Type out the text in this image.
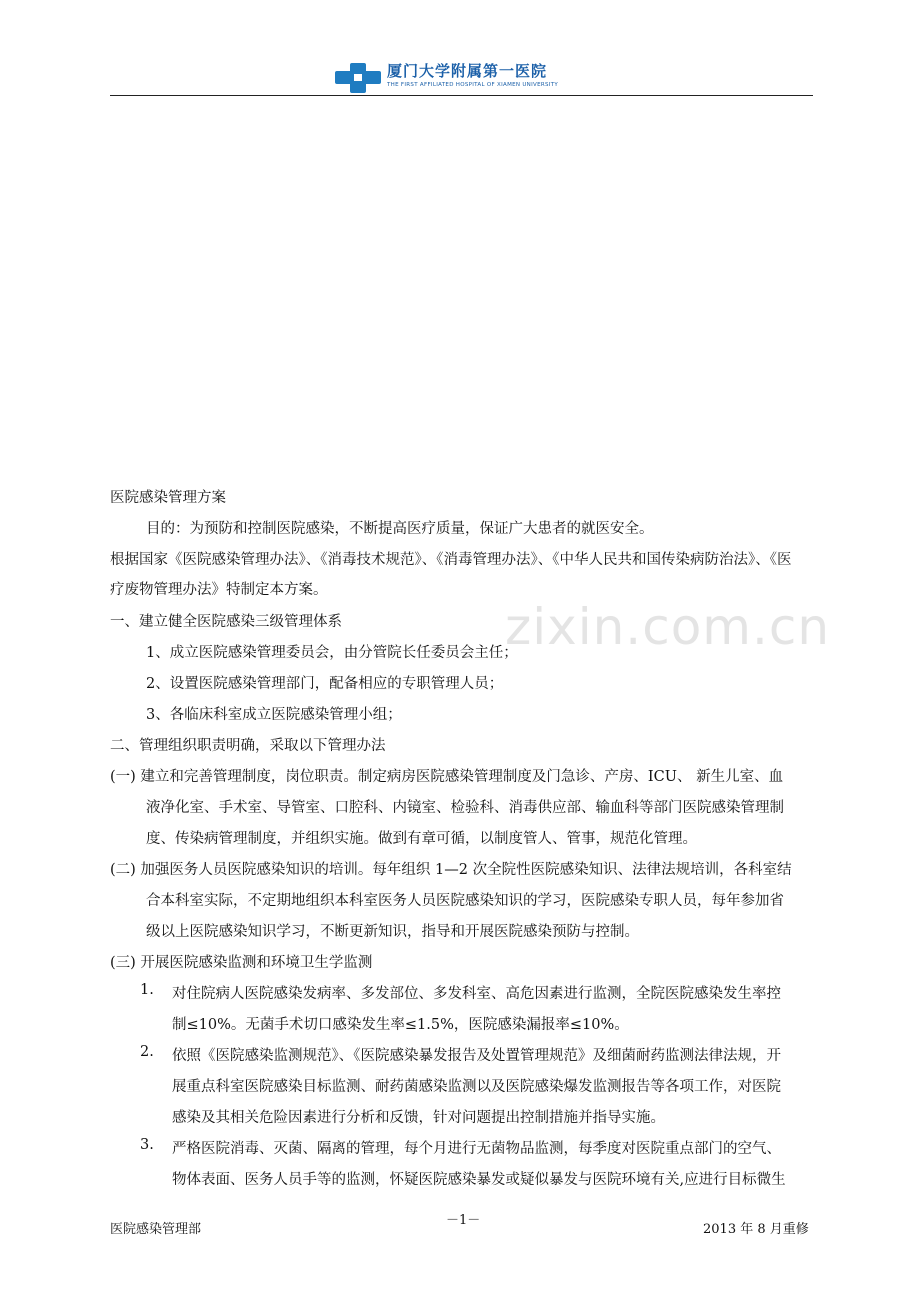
厦门大学附属第一医院
THE FIRST AFFILIATED HOSPITAL OF XIAMEN UNIVERSITY
zixin.com.cn
医院感染管理方案
目的：为预防和控制医院感染，不断提高医疗质量，保证广大患者的就医安全。
根据国家《医院感染管理办法》、《消毒技术规范》、《消毒管理办法》、《中华人民共和国传染病防治法》、《医
疗废物管理办法》特制定本方案。
一、建立健全医院感染三级管理体系
1、成立医院感染管理委员会，由分管院长任委员会主任；
2、设置医院感染管理部门，配备相应的专职管理人员；
3、各临床科室成立医院感染管理小组；
二、管理组织职责明确，采取以下管理办法
(一) 建立和完善管理制度，岗位职责。制定病房医院感染管理制度及门急诊、产房、ICU、 新生儿室、血
液净化室、手术室、导管室、口腔科、内镜室、检验科、消毒供应部、输血科等部门医院感染管理制
度、传染病管理制度，并组织实施。做到有章可循，以制度管人、管事，规范化管理。
(二) 加强医务人员医院感染知识的培训。每年组织 1—2 次全院性医院感染知识、法律法规培训，各科室结
合本科室实际，不定期地组织本科室医务人员医院感染知识的学习，医院感染专职人员，每年参加省
级以上医院感染知识学习，不断更新知识，指导和开展医院感染预防与控制。
(三) 开展医院感染监测和环境卫生学监测
1. 对住院病人医院感染发病率、多发部位、多发科室、高危因素进行监测，全院医院感染发生率控
制≤10%。无菌手术切口感染发生率≤1.5%，医院感染漏报率≤10%。
2. 依照《医院感染监测规范》、《医院感染暴发报告及处置管理规范》及细菌耐药监测法律法规，开
展重点科室医院感染目标监测、耐药菌感染监测以及医院感染爆发监测报告等各项工作，对医院
感染及其相关危险因素进行分析和反馈，针对问题提出控制措施并指导实施。
3. 严格医院消毒、灭菌、隔离的管理，每个月进行无菌物品监测，每季度对医院重点部门的空气、
物体表面、医务人员手等的监测，怀疑医院感染暴发或疑似暴发与医院环境有关,应进行目标微生
医院感染管理部
－1－
2013 年 8 月重修
